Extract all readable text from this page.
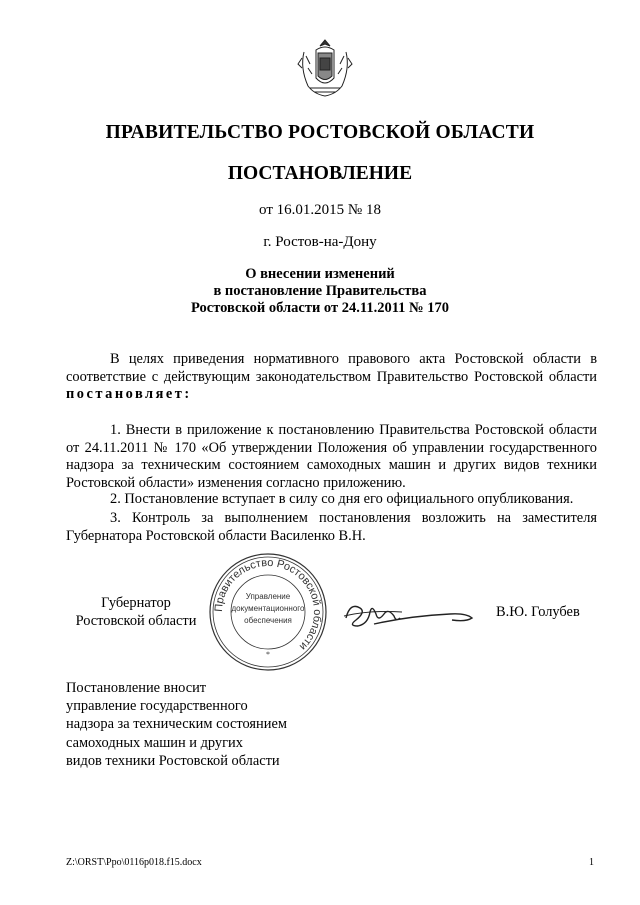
ПРАВИТЕЛЬСТВО РОСТОВСКОЙ ОБЛАСТИ
ПОСТАНОВЛЕНИЕ
от 16.01.2015 № 18
г. Ростов-на-Дону
О внесении изменений
в постановление Правительства
Ростовской области от 24.11.2011 № 170
В целях приведения нормативного правового акта Ростовской области в соответствие с действующим законодательством Правительство Ростовской области постановляет:
1. Внести в приложение к постановлению Правительства Ростовской области от 24.11.2011 № 170 «Об утверждении Положения об управлении государственного надзора за техническим состоянием самоходных машин и других видов техники Ростовской области» изменения согласно приложению.
2. Постановление вступает в силу со дня его официального опубликования.
3. Контроль за выполнением постановления возложить на заместителя Губернатора Ростовской области Василенко В.Н.
Губернатор
Ростовской области
Правительство Ростовской области
Управление
документационного
обеспечения
*
В.Ю. Голубев
Постановление вносит
управление государственного
надзора за техническим состоянием
самоходных машин и других
видов техники Ростовской области
Z:\ORST\Ppo\0116p018.f15.docx	1
